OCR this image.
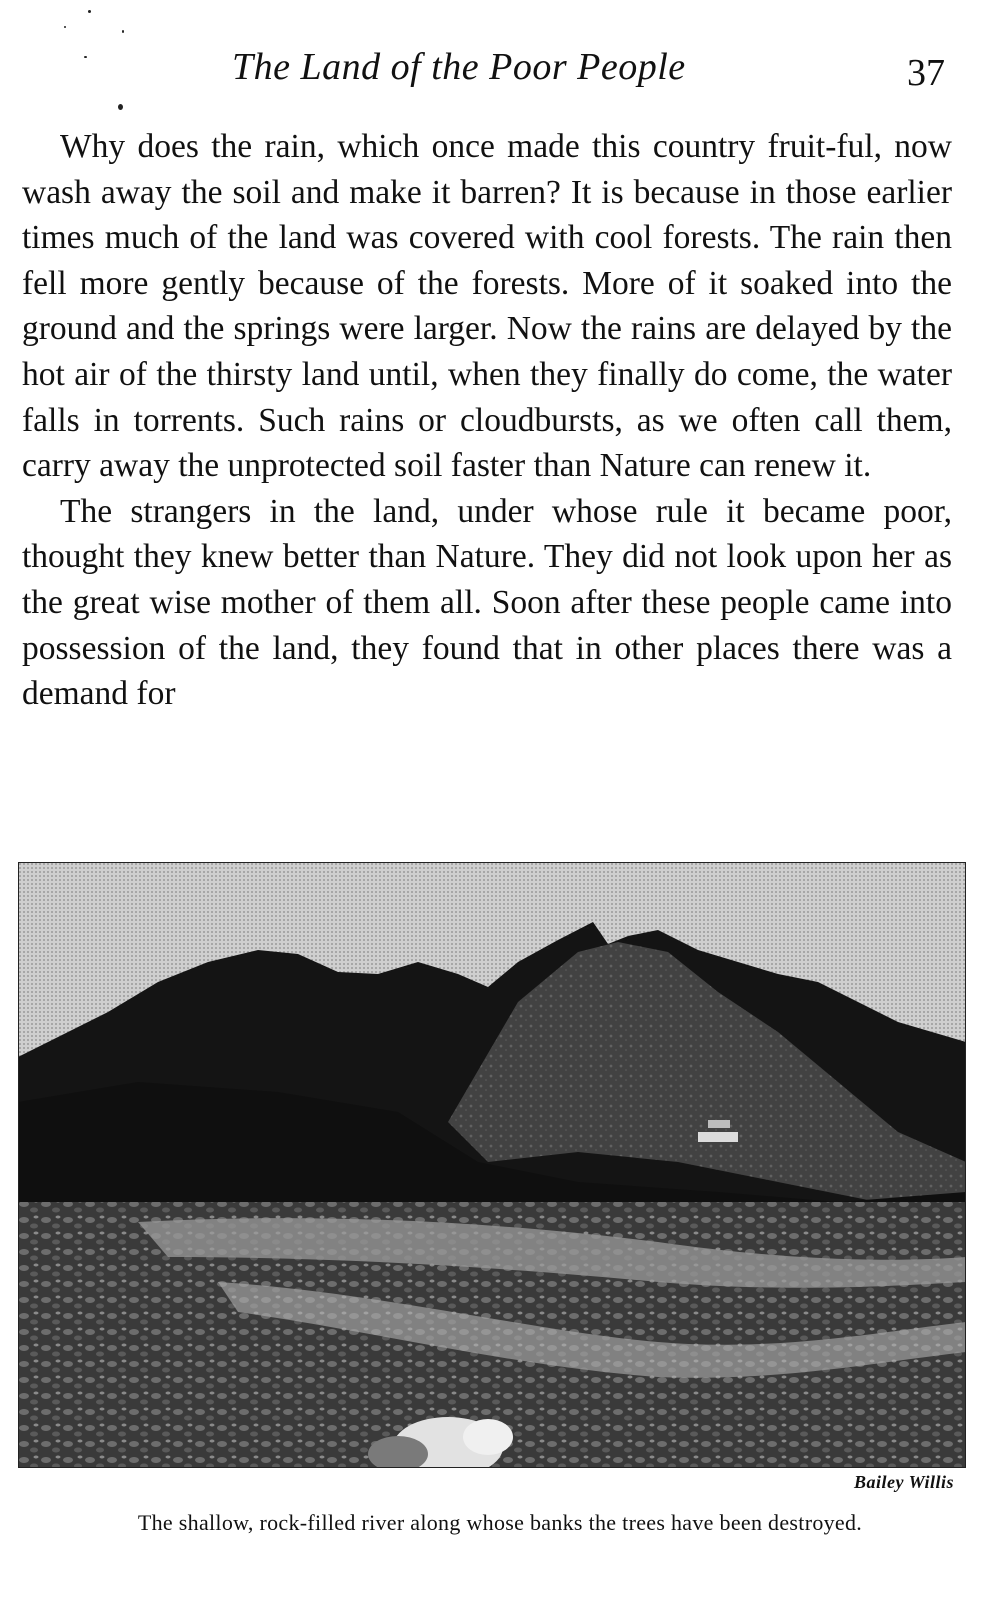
The Land of the Poor People	37

Why does the rain, which once made this country fruit-ful, now wash away the soil and make it barren? It is because in those earlier times much of the land was covered with cool forests. The rain then fell more gently because of the forests. More of it soaked into the ground and the springs were larger. Now the rains are delayed by the hot air of the thirsty land until, when they finally do come, the water falls in torrents. Such rains or cloudbursts, as we often call them, carry away the unprotected soil faster than Nature can renew it.

The strangers in the land, under whose rule it became poor, thought they knew better than Nature. They did not look upon her as the great wise mother of them all. Soon after these people came into possession of the land, they found that in other places there was a demand for

Bailey Willis
The shallow, rock-filled river along whose banks the trees have been destroyed.
